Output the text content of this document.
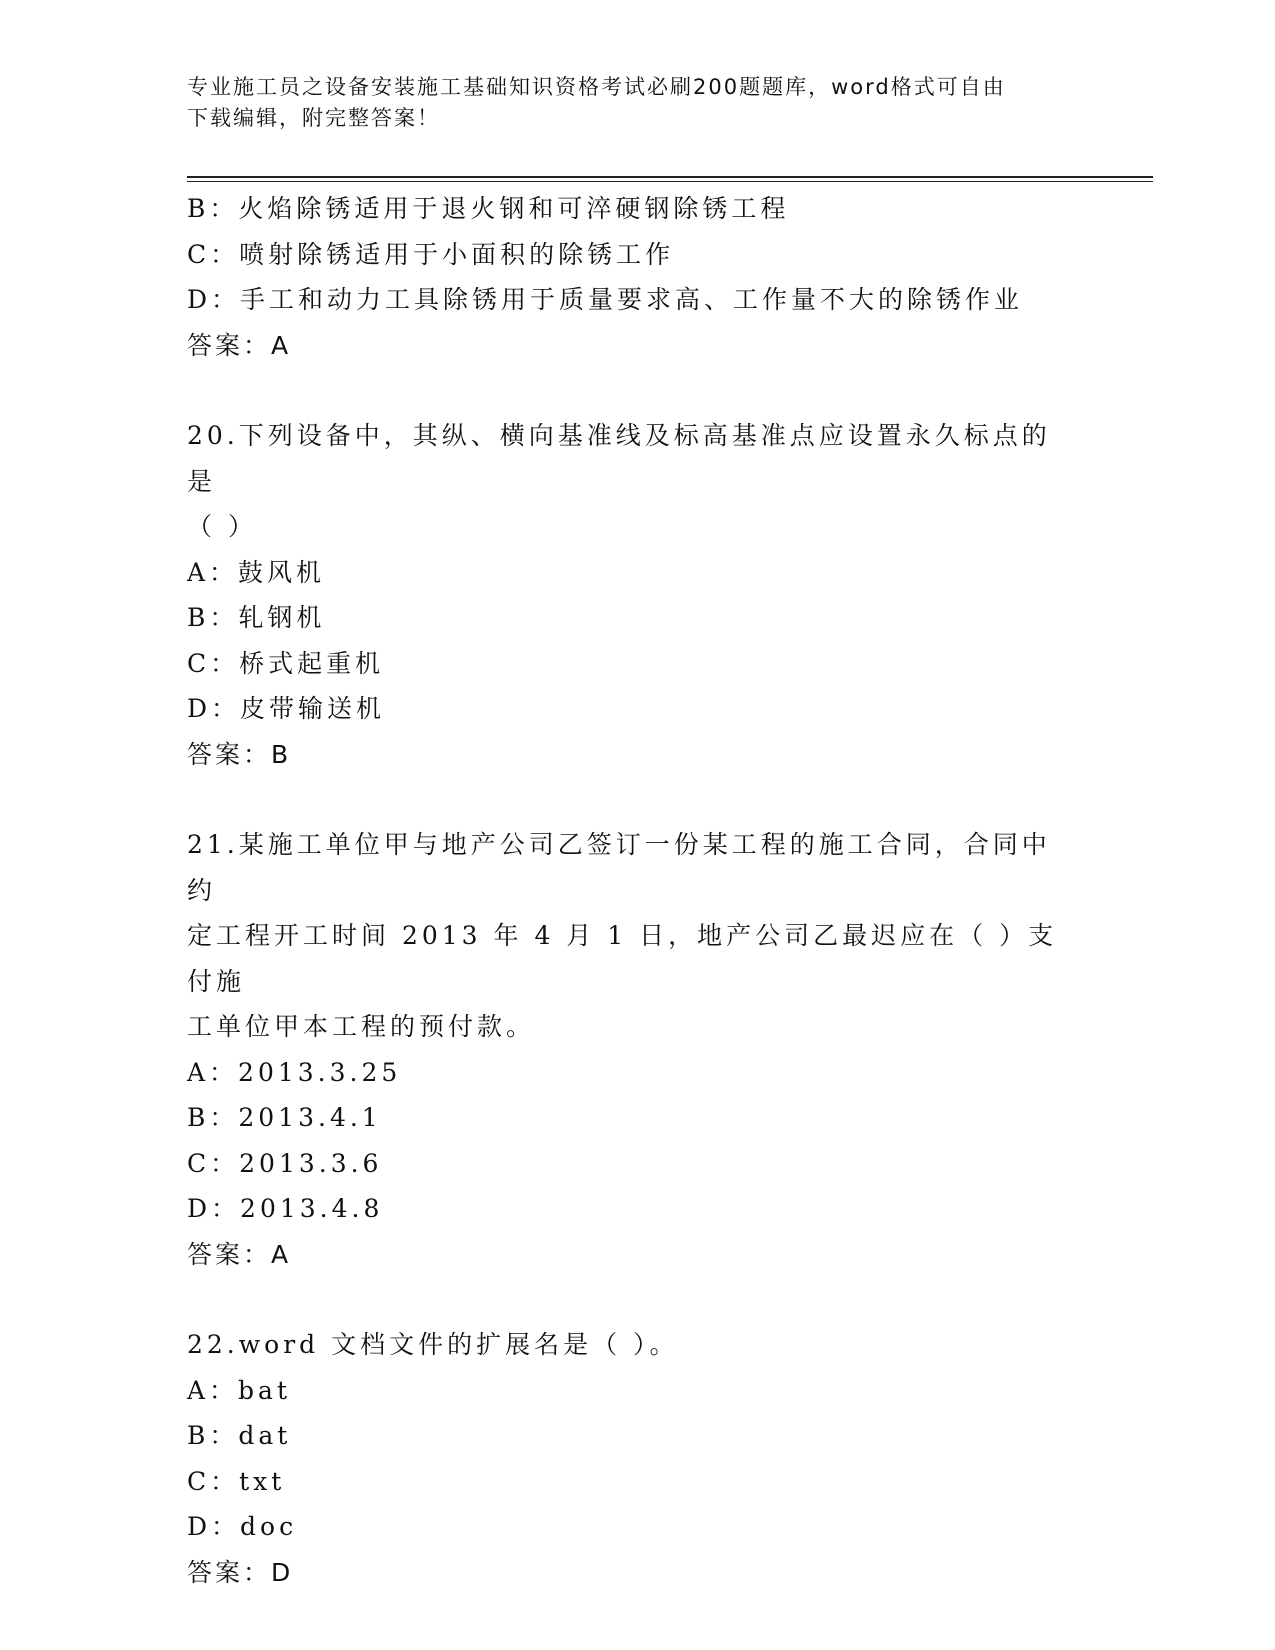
专业施工员之设备安装施工基础知识资格考试必刷200题题库，word格式可自由
下载编辑，附完整答案！
B：火焰除锈适用于退火钢和可淬硬钢除锈工程
C：喷射除锈适用于小面积的除锈工作
D：手工和动力工具除锈用于质量要求高、工作量不大的除锈作业
答案：A
20.下列设备中，其纵、横向基准线及标高基准点应设置永久标点的是
（ ）
A：鼓风机
B：轧钢机
C：桥式起重机
D：皮带输送机
答案：B
21.某施工单位甲与地产公司乙签订一份某工程的施工合同，合同中约
定工程开工时间 2013 年 4 月 1 日，地产公司乙最迟应在（ ）支付施
工单位甲本工程的预付款。
A：2013.3.25
B：2013.4.1
C：2013.3.6
D：2013.4.8
答案：A
22.word 文档文件的扩展名是（ ）。
A：bat
B：dat
C：txt
D：doc
答案：D
